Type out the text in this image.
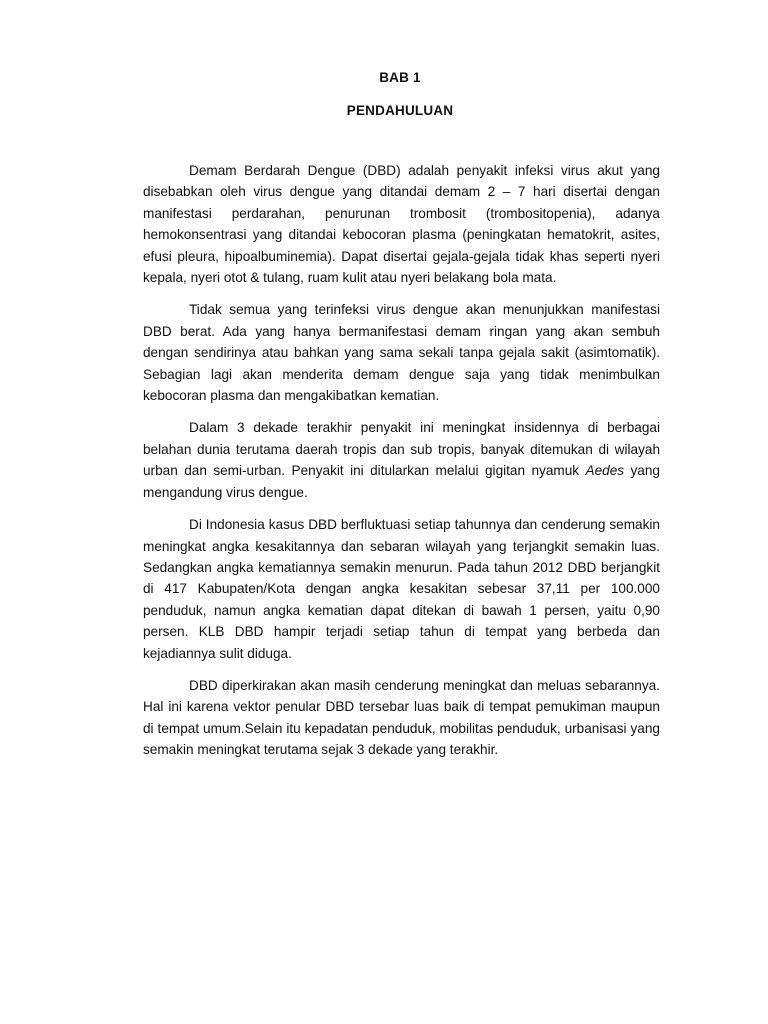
BAB 1
PENDAHULUAN

Demam Berdarah Dengue (DBD) adalah penyakit infeksi virus akut yang disebabkan oleh virus dengue yang ditandai demam 2 – 7 hari disertai dengan manifestasi perdarahan, penurunan trombosit (trombositopenia), adanya hemokonsentrasi yang ditandai kebocoran plasma (peningkatan hematokrit, asites, efusi pleura, hipoalbuminemia). Dapat disertai gejala-gejala tidak khas seperti nyeri kepala, nyeri otot & tulang, ruam kulit atau nyeri belakang bola mata.

Tidak semua yang terinfeksi virus dengue akan menunjukkan manifestasi DBD berat. Ada yang hanya bermanifestasi demam ringan yang akan sembuh dengan sendirinya atau bahkan yang sama sekali tanpa gejala sakit (asimtomatik). Sebagian lagi akan menderita demam dengue saja yang tidak menimbulkan kebocoran plasma dan mengakibatkan kematian.

Dalam 3 dekade terakhir penyakit ini meningkat insidennya di berbagai belahan dunia terutama daerah tropis dan sub tropis, banyak ditemukan di wilayah urban dan semi-urban. Penyakit ini ditularkan melalui gigitan nyamuk Aedes yang mengandung virus dengue.

Di Indonesia kasus DBD berfluktuasi setiap tahunnya dan cenderung semakin meningkat angka kesakitannya dan sebaran wilayah yang terjangkit semakin luas. Sedangkan angka kematiannya semakin menurun. Pada tahun 2012 DBD berjangkit di 417 Kabupaten/Kota dengan angka kesakitan sebesar 37,11 per 100.000 penduduk, namun angka kematian dapat ditekan di bawah 1 persen, yaitu 0,90 persen. KLB DBD hampir terjadi setiap tahun di tempat yang berbeda dan kejadiannya sulit diduga.

DBD diperkirakan akan masih cenderung meningkat dan meluas sebarannya. Hal ini karena vektor penular DBD tersebar luas baik di tempat pemukiman maupun di tempat umum.Selain itu kepadatan penduduk, mobilitas penduduk, urbanisasi yang semakin meningkat terutama sejak 3 dekade yang terakhir.
